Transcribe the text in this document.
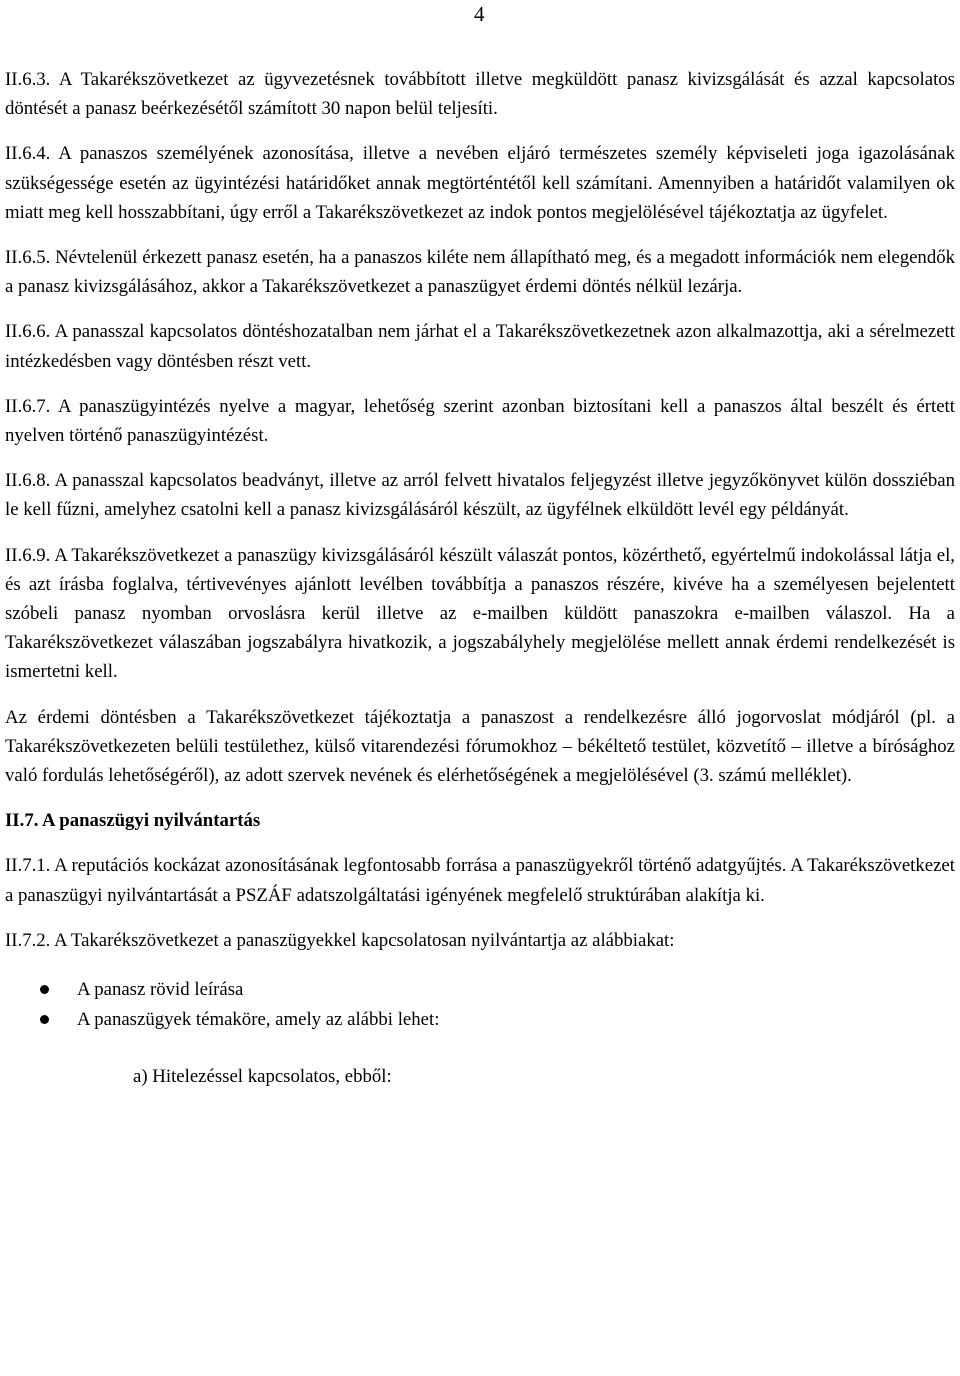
4

II.6.3. A Takarékszövetkezet az ügyvezetésnek továbbított illetve megküldött panasz kivizsgálását és azzal kapcsolatos döntését a panasz beérkezésétől számított 30 napon belül teljesíti.

II.6.4. A panaszos személyének azonosítása, illetve a nevében eljáró természetes személy képviseleti joga igazolásának szükségessége esetén az ügyintézési határidőket annak megtörténtétől kell számítani. Amennyiben a határidőt valamilyen ok miatt meg kell hosszabbítani, úgy erről a Takarékszövetkezet az indok pontos megjelölésével tájékoztatja az ügyfelet.

II.6.5. Névtelenül érkezett panasz esetén, ha a panaszos kiléte nem állapítható meg, és a megadott információk nem elegendők a panasz kivizsgálásához, akkor a Takarékszövetkezet a panaszügyet érdemi döntés nélkül lezárja.

II.6.6. A panasszal kapcsolatos döntéshozatalban nem járhat el a Takarékszövetkezetnek azon alkalmazottja, aki a sérelmezett intézkedésben vagy döntésben részt vett.

II.6.7. A panaszügyintézés nyelve a magyar, lehetőség szerint azonban biztosítani kell a panaszos által beszélt és értett nyelven történő panaszügyintézést.

II.6.8. A panasszal kapcsolatos beadványt, illetve az arról felvett hivatalos feljegyzést illetve jegyzőkönyvet külön dossziéban le kell fűzni, amelyhez csatolni kell a panasz kivizsgálásáról készült, az ügyfélnek elküldött levél egy példányát.

II.6.9. A Takarékszövetkezet a panaszügy kivizsgálásáról készült válaszát pontos, közérthető, egyértelmű indokolással látja el, és azt írásba foglalva, tértivevényes ajánlott levélben továbbítja a panaszos részére, kivéve ha a személyesen bejelentett szóbeli panasz nyomban orvoslásra kerül illetve az e-mailben küldött panaszokra e-mailben válaszol. Ha a Takarékszövetkezet válaszában jogszabályra hivatkozik, a jogszabályhely megjelölése mellett annak érdemi rendelkezését is ismertetni kell.

Az érdemi döntésben a Takarékszövetkezet tájékoztatja a panaszost a rendelkezésre álló jogorvoslat módjáról (pl. a Takarékszövetkezeten belüli testülethez, külső vitarendezési fórumokhoz – békéltető testület, közvetítő – illetve a bírósághoz való fordulás lehetőségéről), az adott szervek nevének és elérhetőségének a megjelölésével (3. számú melléklet).

II.7. A panaszügyi nyilvántartás

II.7.1. A reputációs kockázat azonosításának legfontosabb forrása a panaszügyekről történő adatgyűjtés. A Takarékszövetkezet a panaszügyi nyilvántartását a PSZÁF adatszolgáltatási igényének megfelelő struktúrában alakítja ki.

II.7.2. A Takarékszövetkezet a panaszügyekkel kapcsolatosan nyilvántartja az alábbiakat:

A panasz rövid leírása
A panaszügyek témaköre, amely az alábbi lehet:
a) Hitelezéssel kapcsolatos, ebből:
